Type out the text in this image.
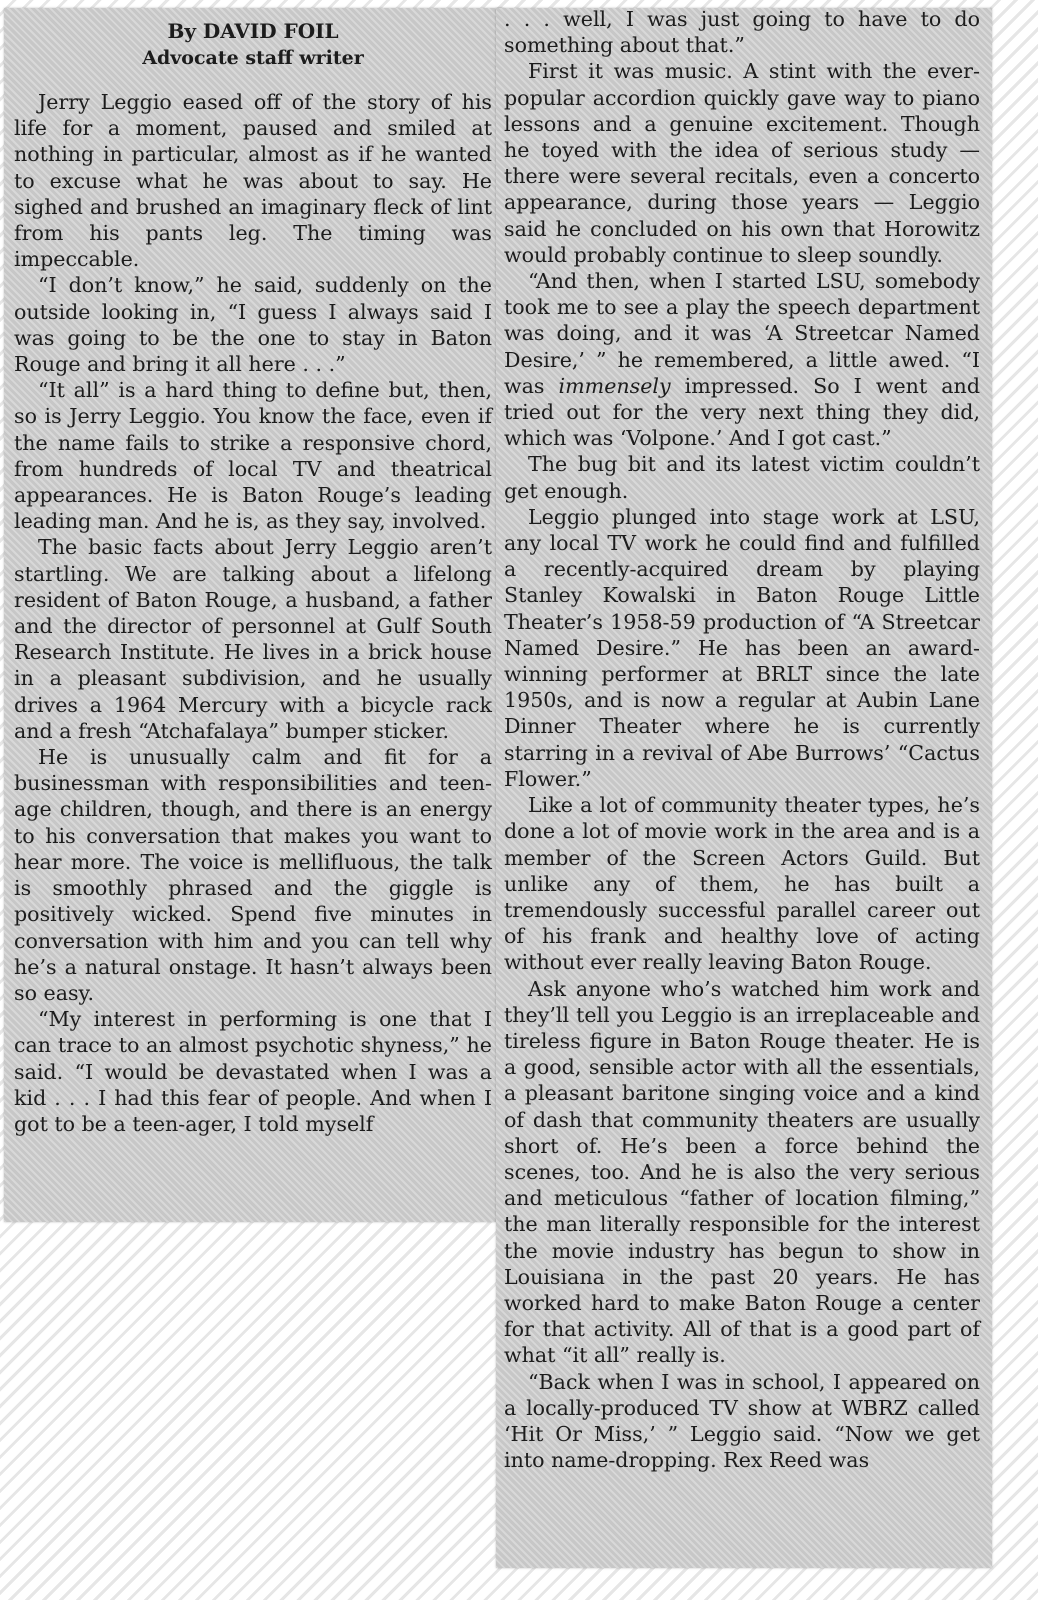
By DAVID FOIL

Advocate staff writer

Jerry Leggio eased off of the story of his life for a moment, paused and smiled at nothing in particular, almost as if he wanted to excuse what he was about to say. He sighed and brushed an imaginary fleck of lint from his pants leg. The timing was impeccable.

“I don’t know,” he said, suddenly on the outside looking in, “I guess I always said I was going to be the one to stay in Baton Rouge and bring it all here . . .”

“It all” is a hard thing to define but, then, so is Jerry Leggio. You know the face, even if the name fails to strike a responsive chord, from hundreds of local TV and theatrical appearances. He is Baton Rouge’s leading leading man. And he is, as they say, involved.

The basic facts about Jerry Leggio aren’t startling. We are talking about a lifelong resident of Baton Rouge, a husband, a father and the director of personnel at Gulf South Research Institute. He lives in a brick house in a pleasant subdivision, and he usually drives a 1964 Mercury with a bicycle rack and a fresh “Atchafalaya” bumper sticker.

He is unusually calm and fit for a businessman with responsibilities and teen-age children, though, and there is an energy to his conversation that makes you want to hear more. The voice is mellifluous, the talk is smoothly phrased and the giggle is positively wicked. Spend five minutes in conversation with him and you can tell why he’s a natural onstage. It hasn’t always been so easy.

“My interest in performing is one that I can trace to an almost psychotic shyness,” he said. “I would be devastated when I was a kid . . . I had this fear of people. And when I got to be a teen-ager, I told myself

. . . well, I was just going to have to do something about that.”

First it was music. A stint with the ever-popular accordion quickly gave way to piano lessons and a genuine excitement. Though he toyed with the idea of serious study — there were several recitals, even a concerto appearance, during those years — Leggio said he concluded on his own that Horowitz would probably continue to sleep soundly.

“And then, when I started LSU, somebody took me to see a play the speech department was doing, and it was ‘A Streetcar Named Desire,’ ” he remembered, a little awed. “I was immensely impressed. So I went and tried out for the very next thing they did, which was ‘Volpone.’ And I got cast.”

The bug bit and its latest victim couldn’t get enough.

Leggio plunged into stage work at LSU, any local TV work he could find and fulfilled a recently-acquired dream by playing Stanley Kowalski in Baton Rouge Little Theater’s 1958-59 production of “A Streetcar Named Desire.” He has been an award-winning performer at BRLT since the late 1950s, and is now a regular at Aubin Lane Dinner Theater where he is currently starring in a revival of Abe Burrows’ “Cactus Flower.”

Like a lot of community theater types, he’s done a lot of movie work in the area and is a member of the Screen Actors Guild. But unlike any of them, he has built a tremendously successful parallel career out of his frank and healthy love of acting without ever really leaving Baton Rouge.

Ask anyone who’s watched him work and they’ll tell you Leggio is an irreplaceable and tireless figure in Baton Rouge theater. He is a good, sensible actor with all the essentials, a pleasant baritone singing voice and a kind of dash that community theaters are usually short of. He’s been a force behind the scenes, too. And he is also the very serious and meticulous “father of location filming,” the man literally responsible for the interest the movie industry has begun to show in Louisiana in the past 20 years. He has worked hard to make Baton Rouge a center for that activity. All of that is a good part of what “it all” really is.

“Back when I was in school, I appeared on a locally-produced TV show at WBRZ called ‘Hit Or Miss,’ ” Leggio said. “Now we get into name-dropping. Rex Reed was
